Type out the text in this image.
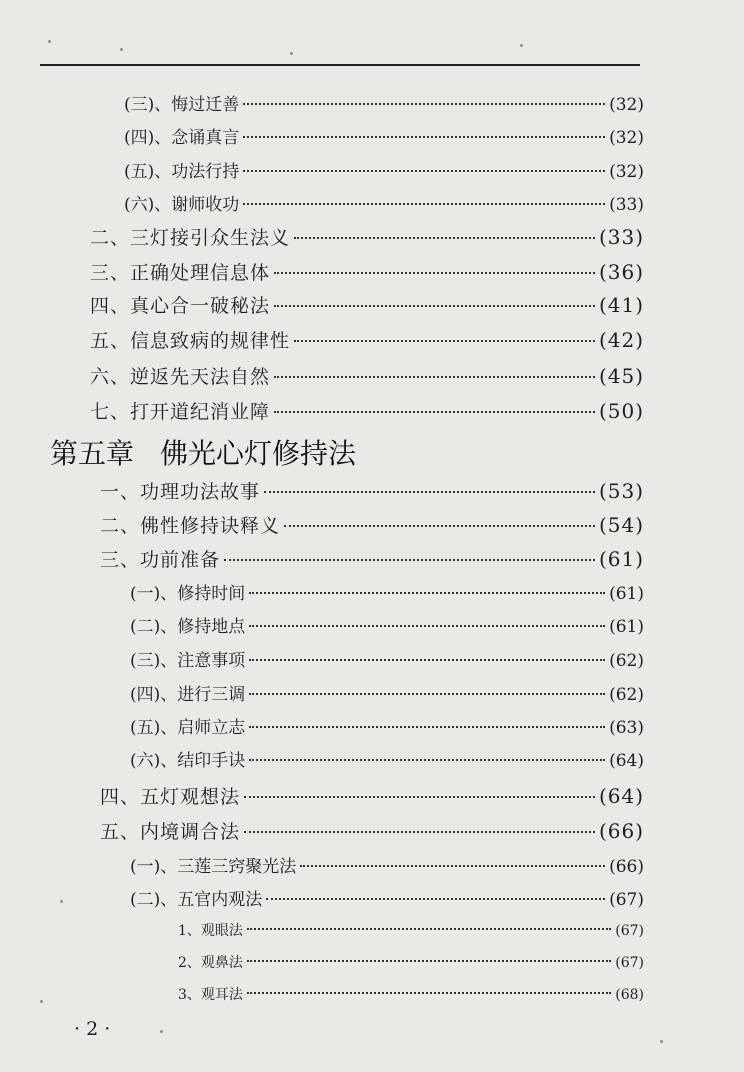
(三)、悔过迁善	(32)
(四)、念诵真言	(32)
(五)、功法行持	(32)
(六)、谢师收功	(33)
二、三灯接引众生法义	(33)
三、正确处理信息体	(36)
四、真心合一破秘法	(41)
五、信息致病的规律性	(42)
六、逆返先天法自然	(45)
七、打开道纪消业障	(50)
第五章 佛光心灯修持法
一、功理功法故事	(53)
二、佛性修持诀释义	(54)
三、功前准备	(61)
(一)、修持时间	(61)
(二)、修持地点	(61)
(三)、注意事项	(62)
(四)、进行三调	(62)
(五)、启师立志	(63)
(六)、结印手诀	(64)
四、五灯观想法	(64)
五、内境调合法	(66)
(一)、三莲三窍聚光法	(66)
(二)、五官内观法	(67)
1、观眼法	(67)
2、观鼻法	(67)
3、观耳法	(68)
· 2 ·
